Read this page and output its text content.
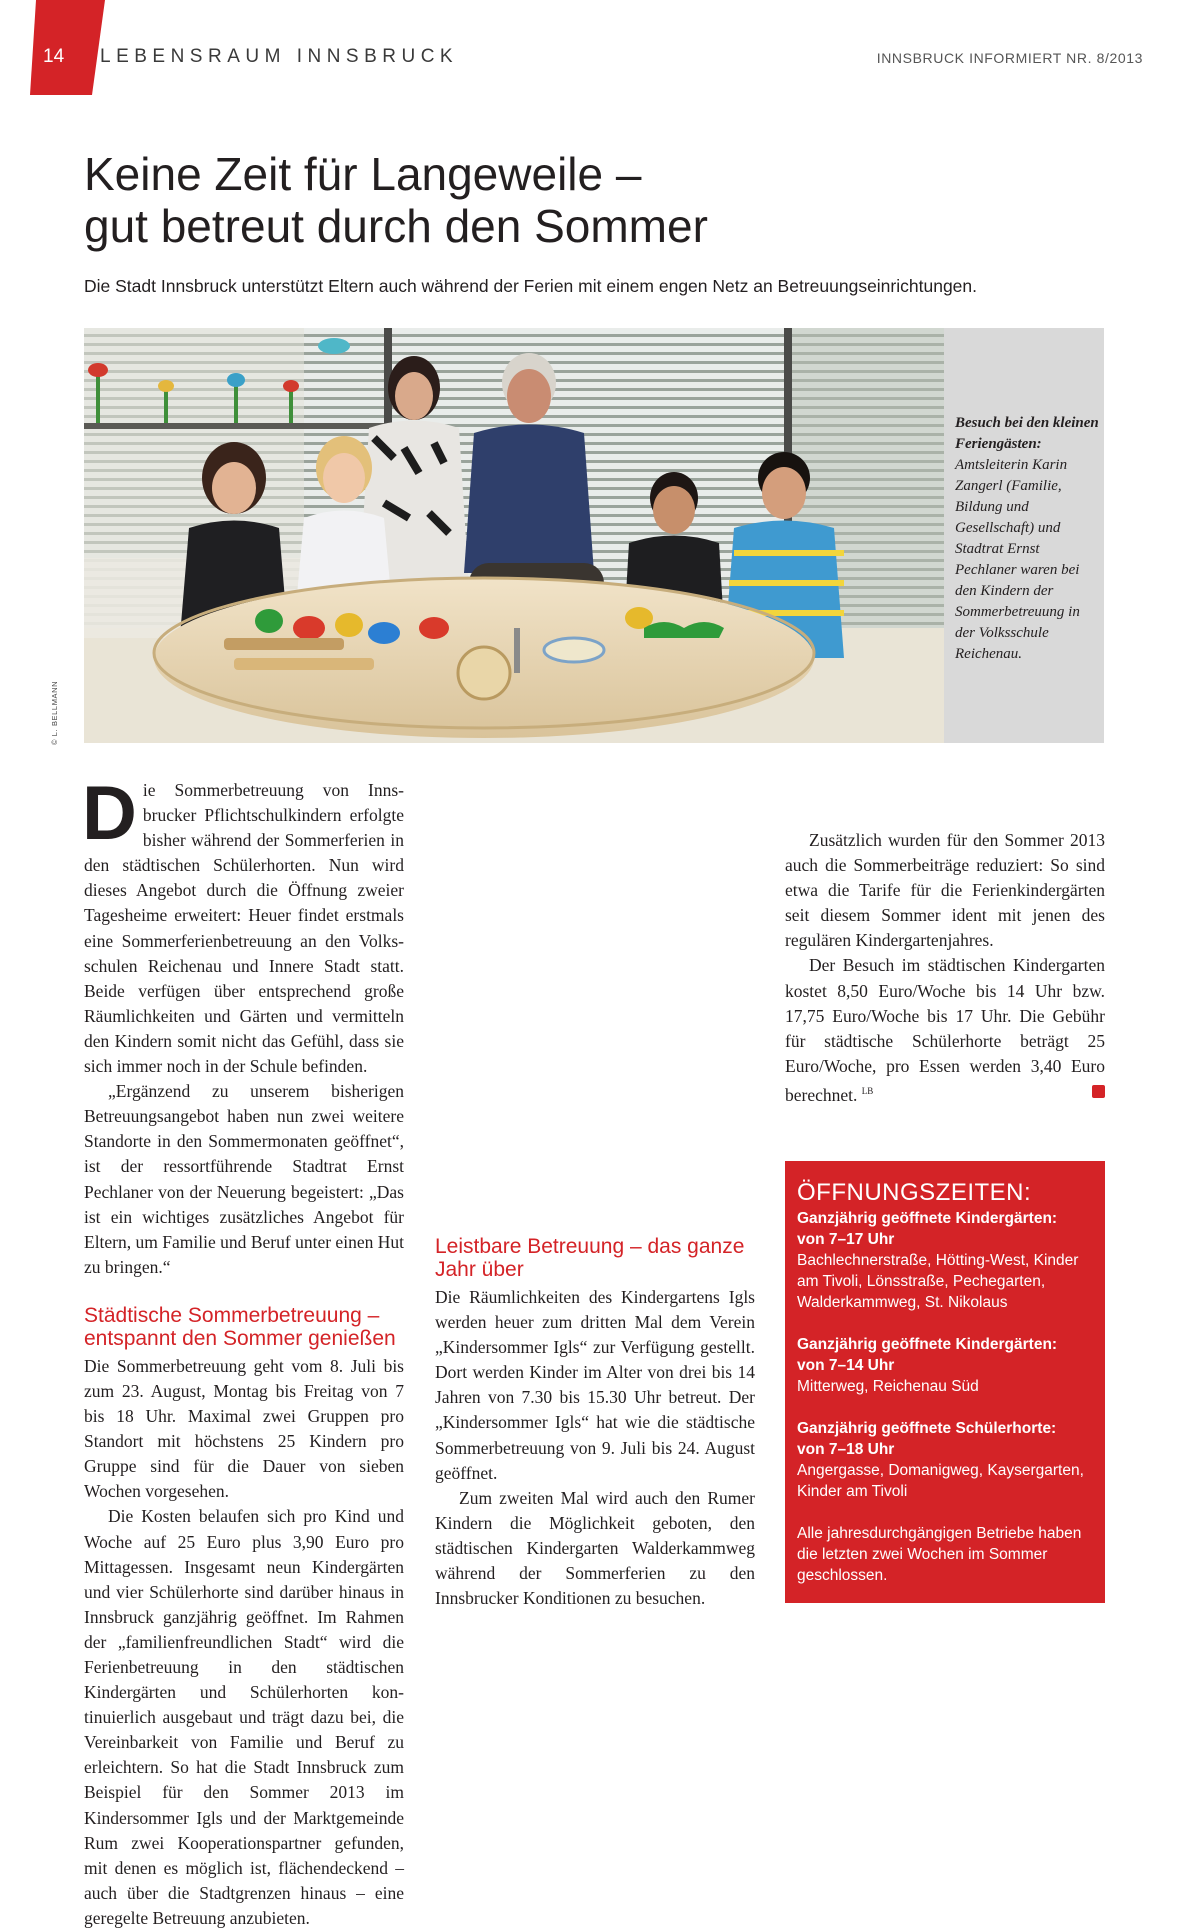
14 LEBENSRAUM INNSBRUCK	INNSBRUCK INFORMIERT NR. 8/2013
Keine Zeit für Langeweile –
gut betreut durch den Sommer
Die Stadt Innsbruck unterstützt Eltern auch während der Ferien mit einem engen Netz an Betreuungseinrichtungen.
Besuch bei den kleinen Feriengästen: Amtsleiterin Karin Zangerl (Familie, Bildung und Gesellschaft) und Stadtrat Ernst Pechlaner waren bei den Kindern der Sommerbetreuung in der Volksschule Reichenau.
© L. BELLMANN

Die Sommerbetreuung von Innsbrucker Pflichtschulkindern erfolgte bisher während der Sommerferien in den städtischen Schülerhorten. Nun wird dieses Angebot durch die Öffnung zweier Tagesheime erweitert: Heuer findet erstmals eine Sommerferienbetreuung an den Volksschulen Reichenau und Innere Stadt statt. Beide verfügen über entsprechend große Räumlichkeiten und Gärten und vermitteln den Kindern somit nicht das Gefühl, dass sie sich immer noch in der Schule befinden.

„Ergänzend zu unserem bisherigen Betreuungsangebot haben nun zwei weitere Standorte in den Sommermonaten geöffnet“, ist der ressortführende Stadtrat Ernst Pechlaner von der Neuerung begeistert: „Das ist ein wichtiges zusätzliches Angebot für Eltern, um Familie und Beruf unter einen Hut zu bringen.“

Städtische Sommerbetreuung – entspannt den Sommer genießen

Die Sommerbetreuung geht vom 8. Juli bis zum 23. August, Montag bis Freitag von 7 bis 18 Uhr. Maximal zwei Gruppen pro Standort mit höchstens 25 Kindern pro Gruppe sind für die Dauer von sieben Wochen vorgesehen.

Die Kosten belaufen sich pro Kind und Woche auf 25 Euro plus 3,90 Euro pro Mittagessen. Insgesamt neun Kindergärten und vier Schülerhorte sind darüber hinaus in Innsbruck ganzjährig geöffnet. Im Rahmen der „familienfreundlichen Stadt“ wird die Ferienbetreuung in den städtischen Kindergärten und Schülerhorten kontinuierlich ausgebaut und trägt dazu bei, die Vereinbarkeit von Familie und Beruf zu erleichtern. So hat die Stadt Innsbruck zum Beispiel für den Sommer 2013 im Kindersommer Igls und der Marktgemeinde Rum zwei Kooperationspartner gefunden, mit denen es möglich ist, flächendeckend – auch über die Stadtgrenzen hinaus – eine geregelte Betreuung anzubieten.

Leistbare Betreuung – das ganze Jahr über

Die Räumlichkeiten des Kindergartens Igls werden heuer zum dritten Mal dem Verein „Kindersommer Igls“ zur Verfügung gestellt. Dort werden Kinder im Alter von drei bis 14 Jahren von 7.30 bis 15.30 Uhr betreut. Der „Kindersommer Igls“ hat wie die städtische Sommerbetreuung von 9. Juli bis 24. August geöffnet.

Zum zweiten Mal wird auch den Rumer Kindern die Möglichkeit geboten, den städtischen Kindergarten Walderkammweg während der Sommerferien zu den Innsbrucker Konditionen zu besuchen.

Zusätzlich wurden für den Sommer 2013 auch die Sommerbeiträge reduziert: So sind etwa die Tarife für die Ferienkindergärten seit diesem Sommer ident mit jenen des regulären Kindergartenjahres.

Der Besuch im städtischen Kindergarten kostet 8,50 Euro/Woche bis 14 Uhr bzw. 17,75 Euro/Woche bis 17 Uhr. Die Gebühr für städtische Schülerhorte beträgt 25 Euro/Woche, pro Essen werden 3,40 Euro berechnet. $^{LB}$

ÖFFNUNGSZEITEN:
Ganzjährig geöffnete Kindergärten:
von 7–17 Uhr
Bachlechnerstraße, Hötting-West, Kinder am Tivoli, Lönsstraße, Pechegarten, Walderkammweg, St. Nikolaus
Ganzjährig geöffnete Kindergärten:
von 7–14 Uhr
Mitterweg, Reichenau Süd
Ganzjährig geöffnete Schülerhorte:
von 7–18 Uhr
Angergasse, Domanigweg, Kaysergarten, Kinder am Tivoli
Alle jahresdurchgängigen Betriebe haben die letzten zwei Wochen im Sommer geschlossen.
